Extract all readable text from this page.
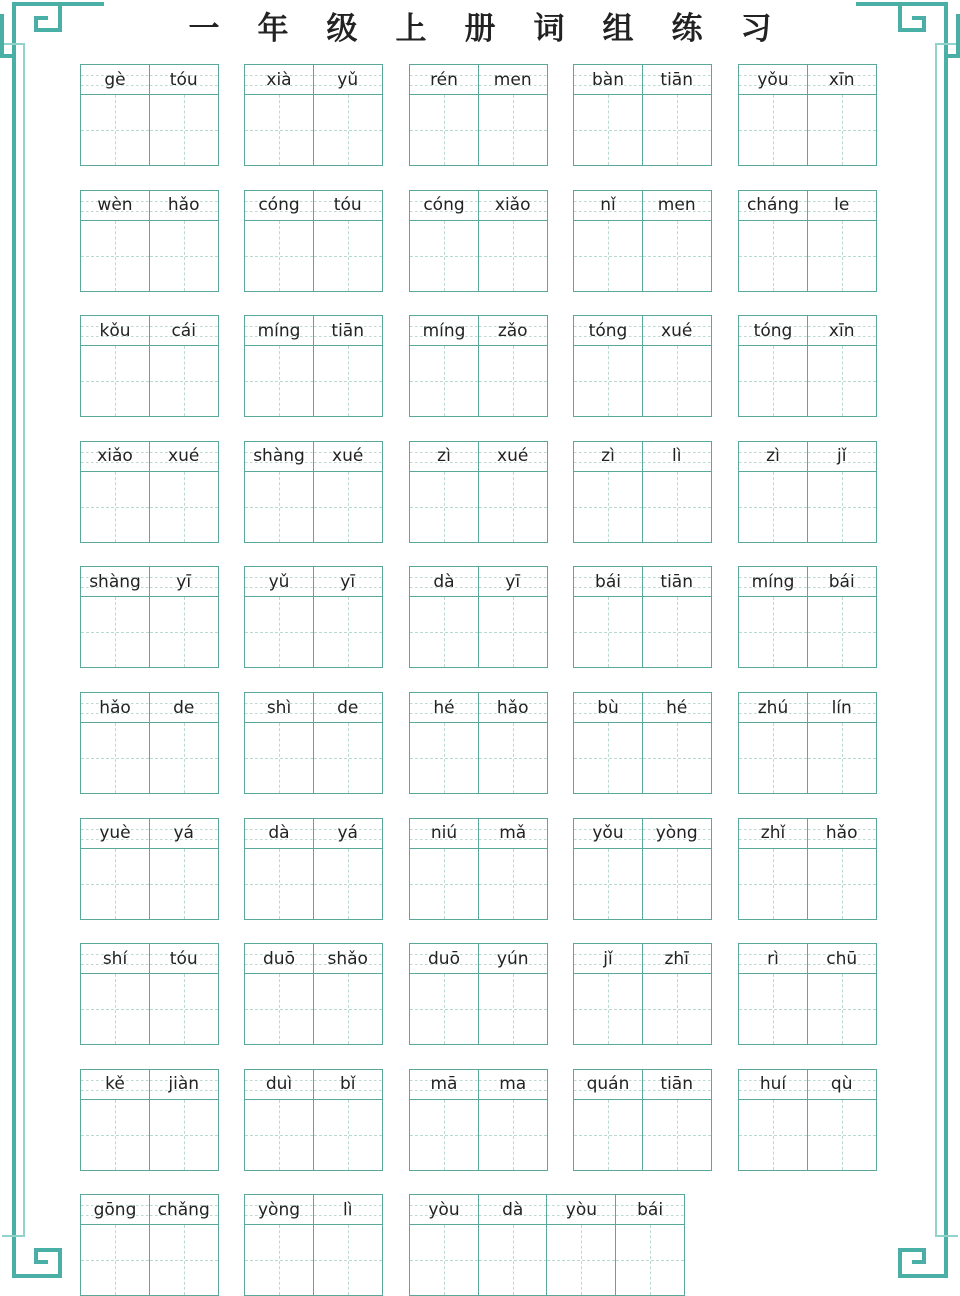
一年级上册词组练习
gè	tóu	xià	yǔ	rén	men	bàn	tiān	yǒu	xīn
wèn	hǎo	cóng	tóu	cóng	xiǎo	nǐ	men	cháng	le
kǒu	cái	míng	tiān	míng	zǎo	tóng	xué	tóng	xīn
xiǎo	xué	shàng	xué	zì	xué	zì	lì	zì	jǐ
shàng	yī	yǔ	yī	dà	yī	bái	tiān	míng	bái
hǎo	de	shì	de	hé	hǎo	bù	hé	zhú	lín
yuè	yá	dà	yá	niú	mǎ	yǒu	yòng	zhǐ	hǎo
shí	tóu	duō	shǎo	duō	yún	jǐ	zhī	rì	chū
kě	jiàn	duì	bǐ	mā	ma	quán	tiān	huí	qù
gōng	chǎng	yòng	lì	yòu	dà	yòu	bái
